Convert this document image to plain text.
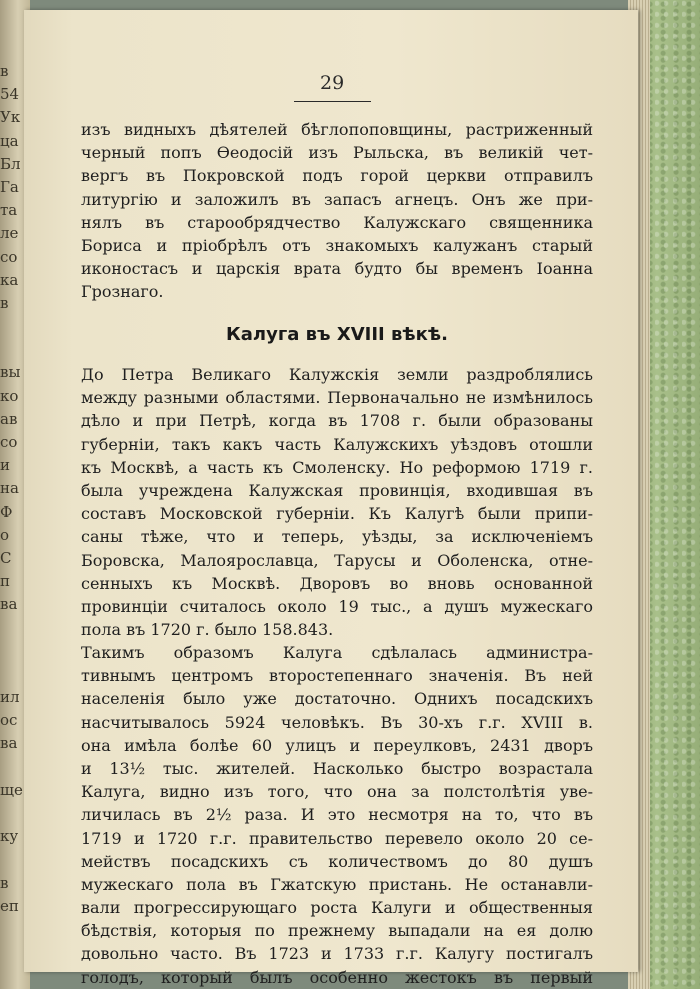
в
54
Ук
ца
Бл
Га
та
ле
со
ка
в
вы
ко
ав
со
и
на
Ф
о
С
п
ва
ил
ос
ва
ще
ку
в
еп
29
изъ видныхъ дѣятелей бѣглопоповщины, растриженный
черный попъ Ѳеодосій изъ Рыльска, въ великій чет-
вергъ въ Покровской подъ горой церкви отправилъ
литургію и заложилъ въ запасъ агнецъ. Онъ же при-
нялъ въ старообрядчество Калужскаго священника
Бориса и пріобрѣлъ отъ знакомыхъ калужанъ старый
иконостасъ и царскія врата будто бы временъ Іоанна
Грознаго.
Калуга въ XVIII вѣкѣ.
До Петра Великаго Калужскія земли раздроблялись
между разными областями. Первоначально не измѣнилось
дѣло и при Петрѣ, когда въ 1708 г. были образованы
губерніи, такъ какъ часть Калужскихъ уѣздовъ отошли
къ Москвѣ, а часть къ Смоленску. Но реформою 1719 г.
была учреждена Калужская провинція, входившая въ
составъ Московской губерніи. Къ Калугѣ были припи-
саны тѣже, что и теперь, уѣзды, за исключеніемъ
Боровска, Малоярославца, Тарусы и Оболенска, отне-
сенныхъ къ Москвѣ. Дворовъ во вновь основанной
провинціи считалось около 19 тыс., а душъ мужескаго
пола въ 1720 г. было 158.843.
Такимъ образомъ Калуга сдѣлалась администра-
тивнымъ центромъ второстепеннаго значенія. Въ ней
населенія было уже достаточно. Однихъ посадскихъ
насчитывалось 5924 человѣкъ. Въ 30-хъ г.г. XVIII в.
она имѣла болѣе 60 улицъ и переулковъ, 2431 дворъ
и 13½ тыс. жителей. Насколько быстро возрастала
Калуга, видно изъ того, что она за полстолѣтія уве-
личилась въ 2½ раза. И это несмотря на то, что въ
1719 и 1720 г.г. правительство перевело около 20 се-
мействъ посадскихъ съ количествомъ до 80 душъ
мужескаго пола въ Гжатскую пристань. Не останавли-
вали прогрессирующаго роста Калуги и общественныя
бѣдствія, которыя по прежнему выпадали на ея долю
довольно часто. Въ 1723 и 1733 г.г. Калугу постигалъ
голодъ, который былъ особенно жестокъ въ первый
